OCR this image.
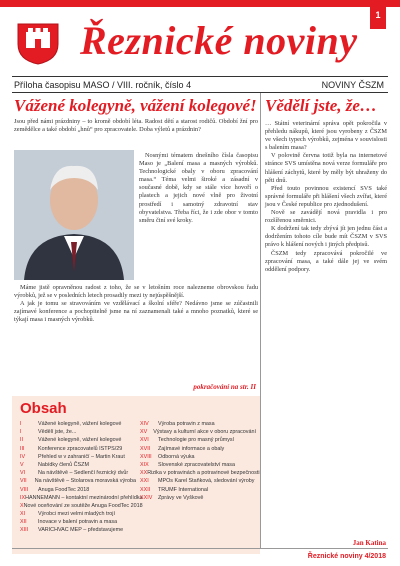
1
Řeznické noviny
Příloha časopisu MASO / VIII. ročník, číslo 4	NOVINY ČSZM
Vážené kolegyně, vážení kolegové!

Jsou před námi prázdniny – to kromě období léta. Radost dětí a starost rodičů. Období žní pro zemědělce a také období „hnů“ pro zpracovatele. Doba výletů a prázdnin?

Nosnými tématem dnešního čísla časopisu Maso je „Balení masa a masných výrobků. Technologické obaly v oboru zpracování masa.“ Téma velmi široké a zásadní v současné době, kdy se stále více hovoří o plastech a jejich nové vlně pro životní prostředí i samotný zdravotní stav obyvatelstva. Třeba říci, že i zde obor v tomto směru činí své kroky.

Máme jistě opravněnou radost z toho, že se v letošním roce nalezneme obrovskou řadu výrobků, jež se v posledních letech prosadily mezi ty nejúspěšnější.

A jak je tomu se stravováním ve vzdělávací a školní sféře? Nedávno jsme se zúčastnili zajímavé konference a pochopitelně jsme na ní zaznamenali také a mnoho poznatků, které se týkají masa i masných výrobků.

pokračování na str. II
Obsah
I	Vážené kolegyně, vážení kolegové
I	Vědělí jste, že...
II	Vážené kolegyně, vážení kolegové
III	Konference zpracovatelů ISTPS/29
IV	Přehled w v zahraničí – Martin Kraut
V	Nabídky členů ČSZM
VI	Na návštěvě – Sedlenčí řeznický dvůr
VII	Na návštěvě – Stolarova moravská výroba
VIII	Anuga FoodTec 2018
IX HANNEMANN – kontaktní mezinárodní přehlídka
X Nové oceňování ze soutěže Anuga FoodTec 2018
XI	Výrobci mezi velmi mladých trojí
XII	Inovace v balení potravin a masa
XIII	VARICHVAC MEP – představujeme
XIV	Výroba potravin z masa
XV	Výstavy a kulturní akce v oboru zpracování
XVI	Technologie pro masný průmysl
XVII	Zajímavé informace a obaly
XVIII	Odborná výuka
XIX	Slovenské zpracovatelství masa
XX Rizika v potravinách a potravinové bezpečnosti
XXI	MPOs Karel Staňková, sledování výroby
XXII	TRUMF International
XXIV	Zprávy ve Vyškově
Vědělí jste, že…

… Státní veterinární správa opět pokročila v přehledu nákupů, které jsou vyrobeny z ČSZM ve všech typech výrobků, zejména v souvislosti s balením masa?

V polovině června totiž byla na internetové stránce SVS umístěna nová verze formuláře pro hlášení záchytů, které by měly být uhraženy do pěti dnů.

Před touto povinnou existencí SVS také správné formuláře při hlášení všech zvířat, které jsou v České republice pro zjednodušení.

Nově se zavádějí nová pravidla i pro rozšířenou směrnici.

K dodržení tak tedy zbývá jít jen jednu část a dodržením tohoto cíle bude mít ČSZM v SVS právo k hlášení nových i jiných předpisů.

ČSZM tedy zpracovává pokročilé ve zpracování masa, a také dále jej ve svém oddělení podpory.

Jan Katina
Řeznické noviny 4/2018
